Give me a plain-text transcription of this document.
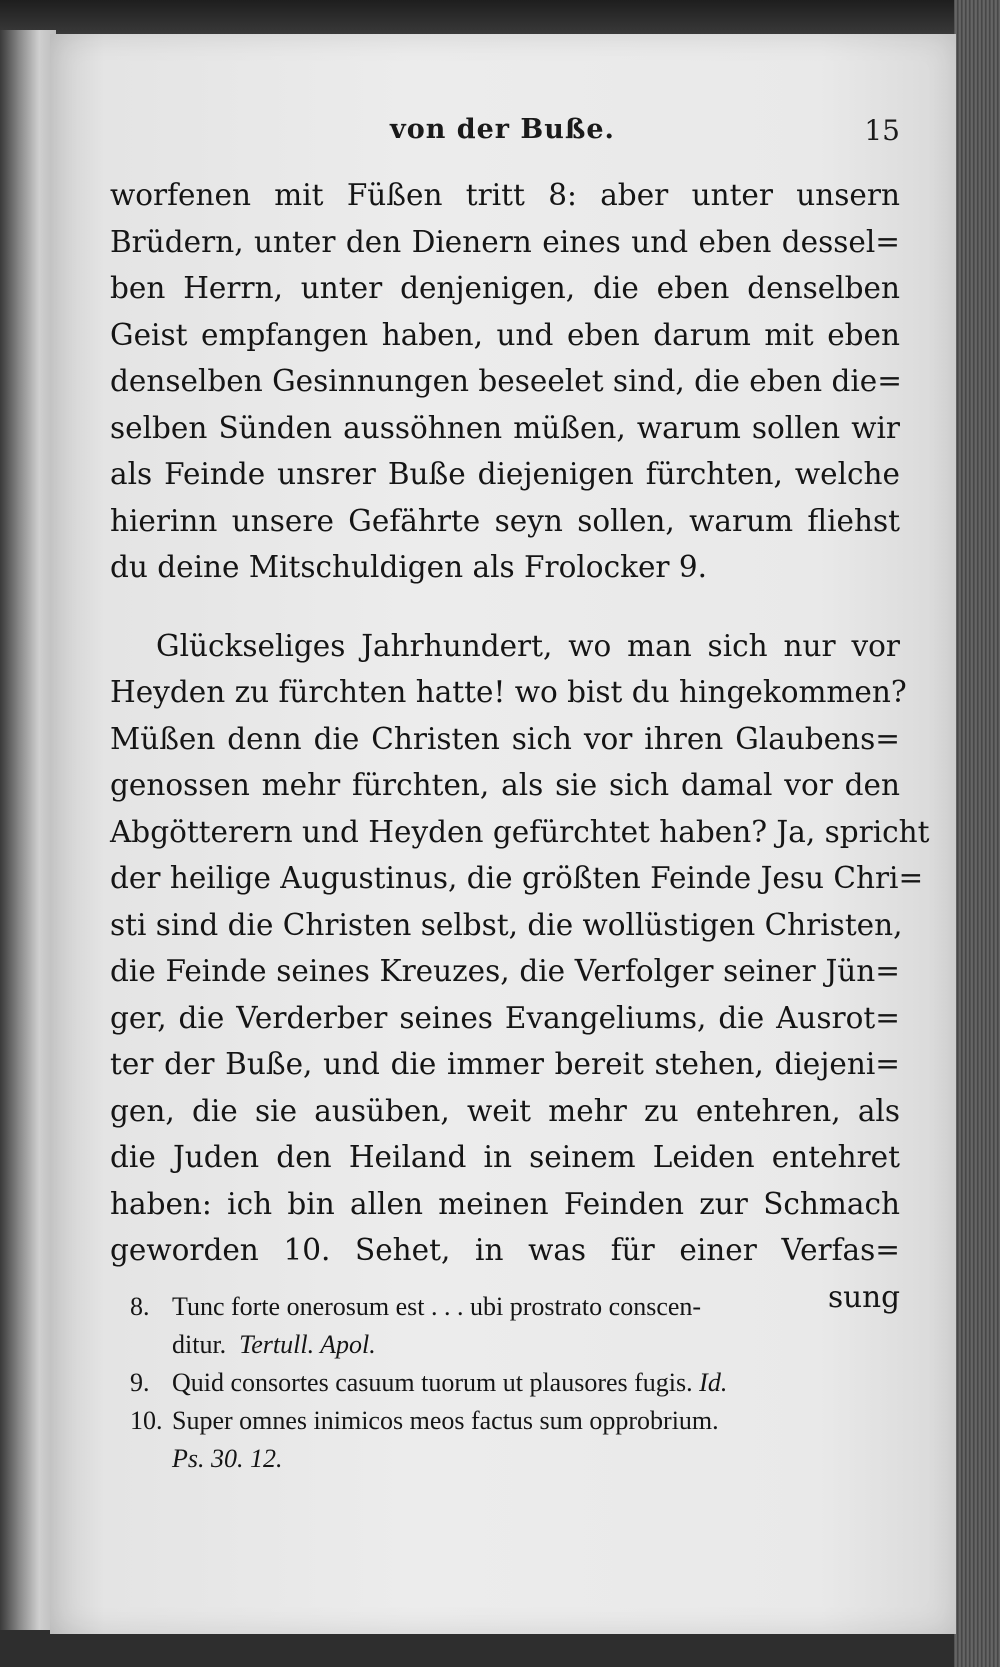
von der Buße.	15
worfenen mit Füßen tritt 8: aber unter unsern
Brüdern, unter den Dienern eines und eben dessel=
ben Herrn, unter denjenigen, die eben denselben
Geist empfangen haben, und eben darum mit eben
denselben Gesinnungen beseelet sind, die eben die=
selben Sünden aussöhnen müßen, warum sollen wir
als Feinde unsrer Buße diejenigen fürchten, welche
hierinn unsere Gefährte seyn sollen, warum fliehst
du deine Mitschuldigen als Frolocker 9.
Glückseliges Jahrhundert, wo man sich nur vor
Heyden zu fürchten hatte! wo bist du hingekommen?
Müßen denn die Christen sich vor ihren Glaubens=
genossen mehr fürchten, als sie sich damal vor den
Abgötterern und Heyden gefürchtet haben? Ja, spricht
der heilige Augustinus, die größten Feinde Jesu Chri=
sti sind die Christen selbst, die wollüstigen Christen,
die Feinde seines Kreuzes, die Verfolger seiner Jün=
ger, die Verderber seines Evangeliums, die Ausrot=
ter der Buße, und die immer bereit stehen, diejeni=
gen, die sie ausüben, weit mehr zu entehren, als
die Juden den Heiland in seinem Leiden entehret
haben: ich bin allen meinen Feinden zur Schmach
geworden 10. Sehet, in was für einer Verfas=
sung
8. Tunc forte onerosum est . . . ubi prostrato conscen-
ditur. Tertull. Apol.
9. Quid consortes casuum tuorum ut plausores fugis. Id.
10. Super omnes inimicos meos factus sum opprobrium.
Ps. 30. 12.
